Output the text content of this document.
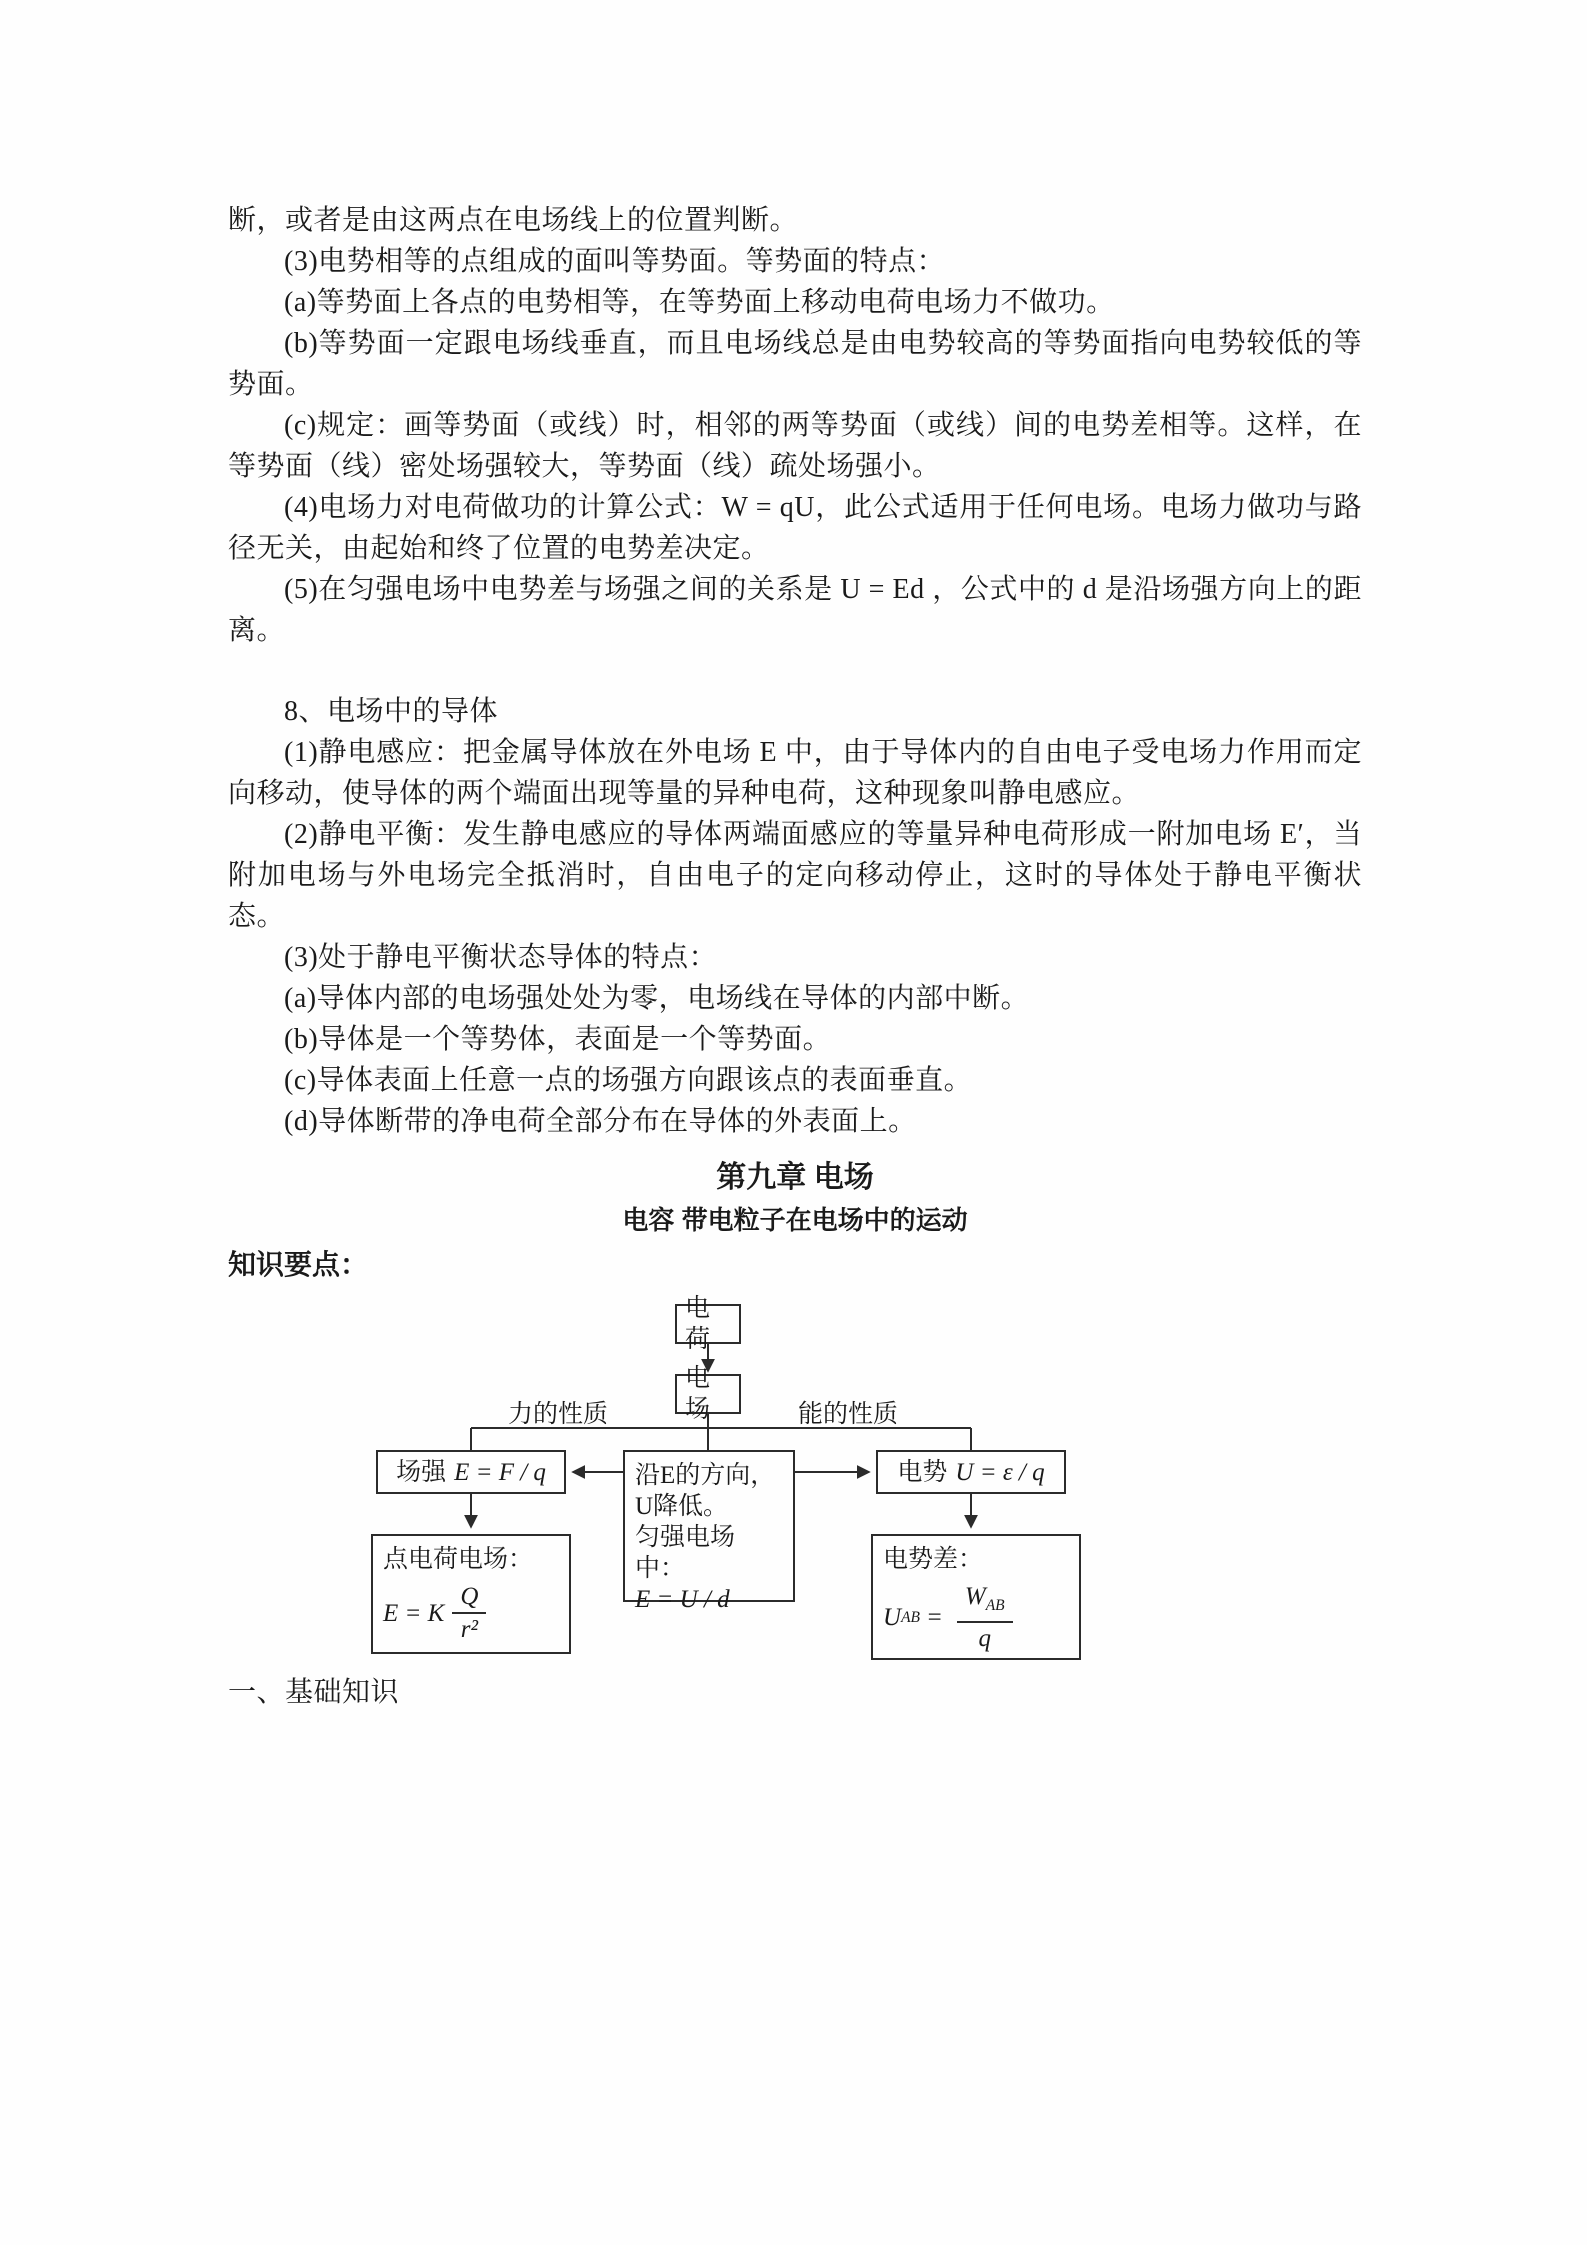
断，或者是由这两点在电场线上的位置判断。

(3)电势相等的点组成的面叫等势面。等势面的特点：

(a)等势面上各点的电势相等，在等势面上移动电荷电场力不做功。

(b)等势面一定跟电场线垂直，而且电场线总是由电势较高的等势面指向电势较低的等势面。

(c)规定：画等势面（或线）时，相邻的两等势面（或线）间的电势差相等。这样，在等势面（线）密处场强较大，等势面（线）疏处场强小。

(4)电场力对电荷做功的计算公式：W = qU，此公式适用于任何电场。电场力做功与路径无关，由起始和终了位置的电势差决定。

(5)在匀强电场中电势差与场强之间的关系是 U = Ed ，公式中的 d 是沿场强方向上的距离。

8、电场中的导体

(1)静电感应：把金属导体放在外电场 E 中，由于导体内的自由电子受电场力作用而定向移动，使导体的两个端面出现等量的异种电荷，这种现象叫静电感应。

(2)静电平衡：发生静电感应的导体两端面感应的等量异种电荷形成一附加电场 E′，当附加电场与外电场完全抵消时，自由电子的定向移动停止，这时的导体处于静电平衡状态。

(3)处于静电平衡状态导体的特点：

(a)导体内部的电场强处处为零，电场线在导体的内部中断。

(b)导体是一个等势体，表面是一个等势面。

(c)导体表面上任意一点的场强方向跟该点的表面垂直。

(d)导体断带的净电荷全部分布在导体的外表面上。

第九章 电场
电容 带电粒子在电场中的运动
知识要点：
电荷
电场
力的性质	能的性质
场强 E = F / q	沿E的方向，
U降低。
匀强电场中：
E = U / d
电势 U = ε / q
点电荷电场：
E = K $\frac{Q}{\text{r²}}$
电势差：
U AB = $\frac{W_{AB}}{q}$

一、基础知识
